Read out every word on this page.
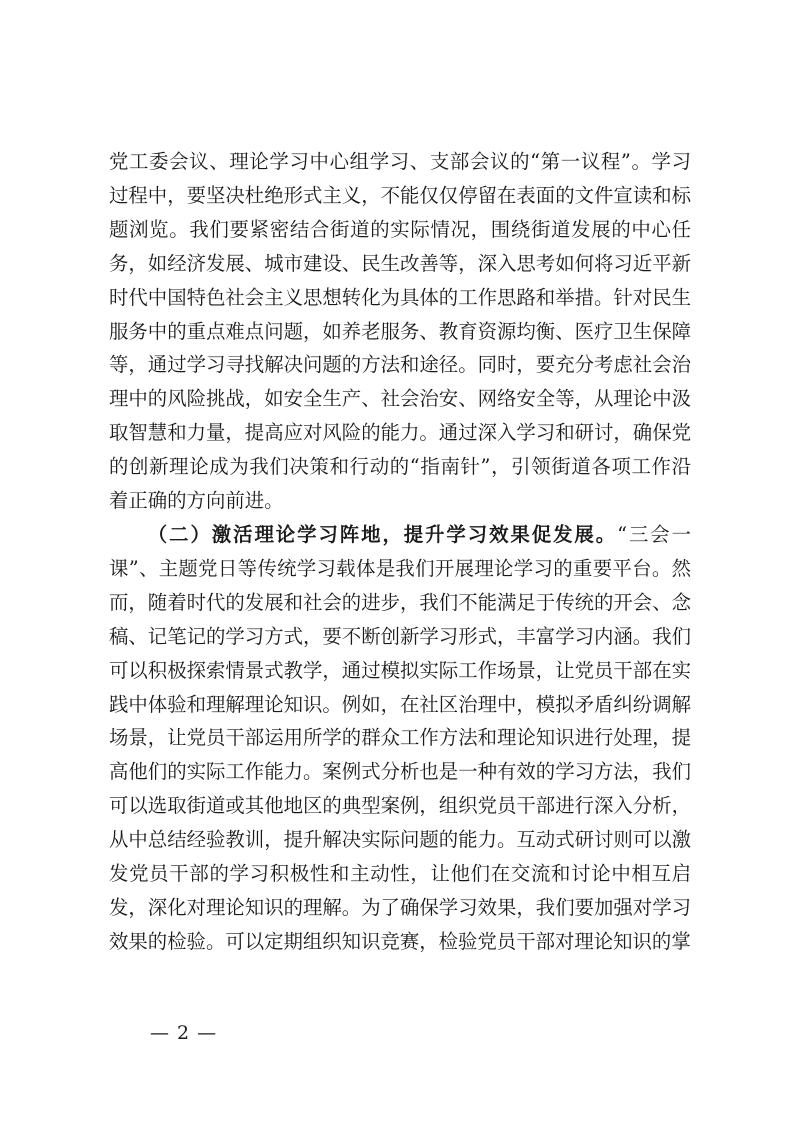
党工委会议、理论学习中心组学习、支部会议的“第一议程”。学习过程中，要坚决杜绝形式主义，不能仅仅停留在表面的文件宣读和标题浏览。我们要紧密结合街道的实际情况，围绕街道发展的中心任务，如经济发展、城市建设、民生改善等，深入思考如何将习近平新时代中国特色社会主义思想转化为具体的工作思路和举措。针对民生服务中的重点难点问题，如养老服务、教育资源均衡、医疗卫生保障等，通过学习寻找解决问题的方法和途径。同时，要充分考虑社会治理中的风险挑战，如安全生产、社会治安、网络安全等，从理论中汲取智慧和力量，提高应对风险的能力。通过深入学习和研讨，确保党的创新理论成为我们决策和行动的“指南针”，引领街道各项工作沿着正确的方向前进。

（二）激活理论学习阵地，提升学习效果促发展。“三会一课”、主题党日等传统学习载体是我们开展理论学习的重要平台。然而，随着时代的发展和社会的进步，我们不能满足于传统的开会、念稿、记笔记的学习方式，要不断创新学习形式，丰富学习内涵。我们可以积极探索情景式教学，通过模拟实际工作场景，让党员干部在实践中体验和理解理论知识。例如，在社区治理中，模拟矛盾纠纷调解场景，让党员干部运用所学的群众工作方法和理论知识进行处理，提高他们的实际工作能力。案例式分析也是一种有效的学习方法，我们可以选取街道或其他地区的典型案例，组织党员干部进行深入分析，从中总结经验教训，提升解决实际问题的能力。互动式研讨则可以激发党员干部的学习积极性和主动性，让他们在交流和讨论中相互启发，深化对理论知识的理解。为了确保学习效果，我们要加强对学习效果的检验。可以定期组织知识竞赛，检验党员干部对理论知识的掌

— 2 —
